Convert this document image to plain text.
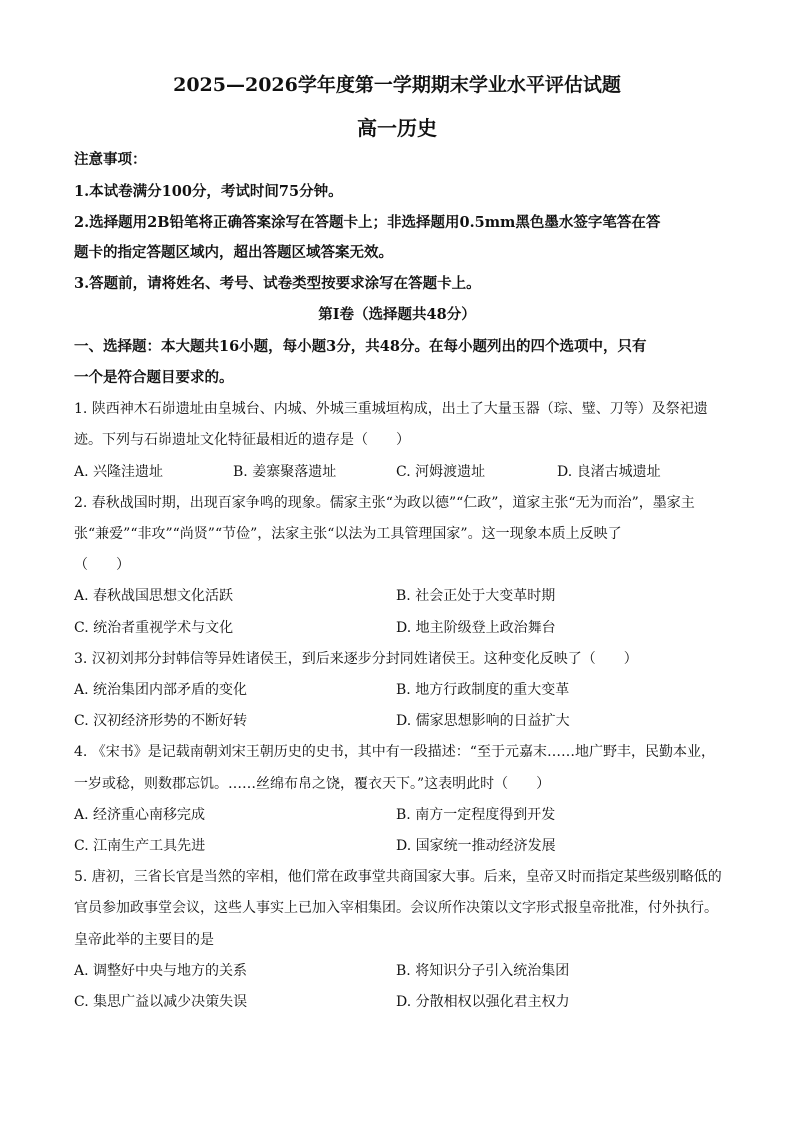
2025—2026学年度第一学期期末学业水平评估试题
高一历史
注意事项：
1.本试卷满分100分，考试时间75分钟。
2.选择题用2B铅笔将正确答案涂写在答题卡上；非选择题用0.5mm黑色墨水签字笔答在答
题卡的指定答题区域内，超出答题区域答案无效。
3.答题前，请将姓名、考号、试卷类型按要求涂写在答题卡上。
第Ⅰ卷（选择题共48分）
一、选择题：本大题共16小题，每小题3分，共48分。在每小题列出的四个选项中，只有
一个是符合题目要求的。
1. 陕西神木石峁遗址由皇城台、内城、外城三重城垣构成，出土了大量玉器（琮、璧、刀等）及祭祀遗
迹。下列与石峁遗址文化特征最相近的遗存是（　　）
A. 兴隆洼遗址	B. 姜寨聚落遗址	C. 河姆渡遗址	D. 良渚古城遗址
2. 春秋战国时期，出现百家争鸣的现象。儒家主张“为政以德”“仁政”，道家主张“无为而治”，墨家主
张“兼爱”“非攻”“尚贤”“节俭”，法家主张“以法为工具管理国家”。这一现象本质上反映了
（　　）
A. 春秋战国思想文化活跃	B. 社会正处于大变革时期
C. 统治者重视学术与文化	D. 地主阶级登上政治舞台
3. 汉初刘邦分封韩信等异姓诸侯王，到后来逐步分封同姓诸侯王。这种变化反映了（　　）
A. 统治集团内部矛盾的变化	B. 地方行政制度的重大变革
C. 汉初经济形势的不断好转	D. 儒家思想影响的日益扩大
4. 《宋书》是记载南朝刘宋王朝历史的史书，其中有一段描述：“至于元嘉末……地广野丰，民勤本业，
一岁或稔，则数郡忘饥。……丝绵布帛之饶，覆衣天下。”这表明此时（　　）
A. 经济重心南移完成	B. 南方一定程度得到开发
C. 江南生产工具先进	D. 国家统一推动经济发展
5. 唐初，三省长官是当然的宰相，他们常在政事堂共商国家大事。后来，皇帝又时而指定某些级别略低的
官员参加政事堂会议，这些人事实上已加入宰相集团。会议所作决策以文字形式报皇帝批准，付外执行。
皇帝此举的主要目的是
A. 调整好中央与地方的关系	B. 将知识分子引入统治集团
C. 集思广益以减少决策失误	D. 分散相权以强化君主权力
